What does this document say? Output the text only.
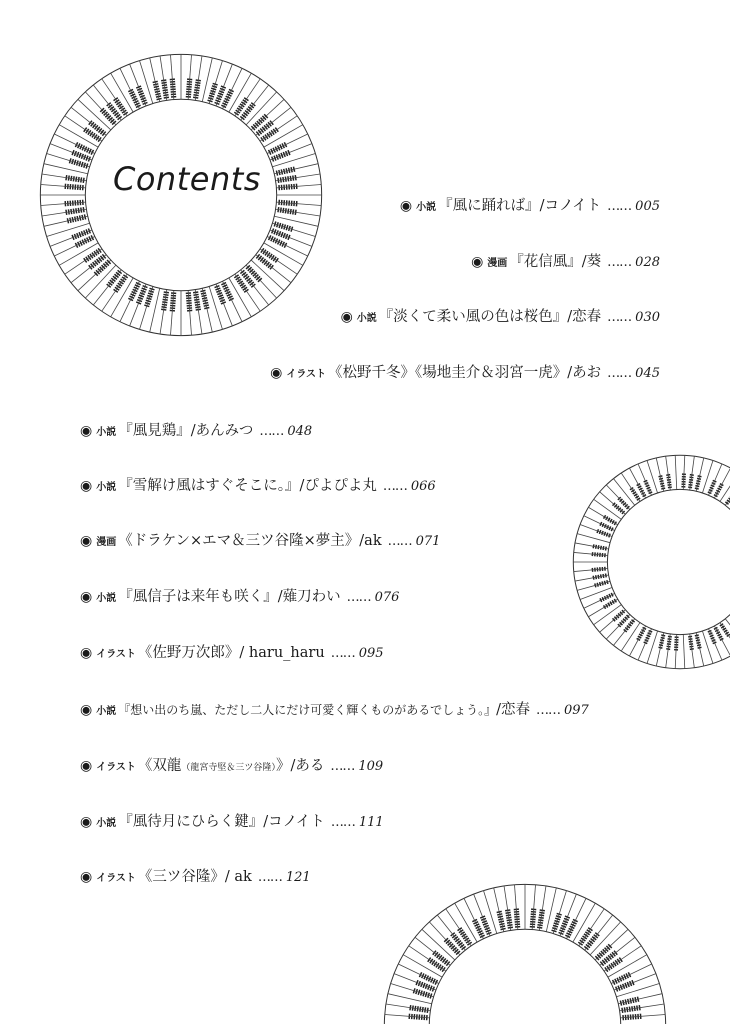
Contents
◉ 小説 『風に踊れば』 /コノイト …… 005
◉ 漫画 『花信風』 /葵 …… 028
◉ 小説 『淡くて柔い風の色は桜色』 /恋春 …… 030
◉ イラスト 《松野千冬》《場地圭介＆羽宮一虎》 /あお …… 045
◉ 小説 『風見鶏』 /あんみつ …… 048
◉ 小説 『雪解け風はすぐそこに。』 /ぴよぴよ丸 …… 066
◉ 漫画 《ドラケン×エマ＆三ツ谷隆×夢主》 /ak …… 071
◉ 小説 『風信子は来年も咲く』 /薙刀わい …… 076
◉ イラスト 《佐野万次郎》 / haru_haru …… 095
◉ 小説 『想い出のち嵐、ただし二人にだけ可愛く輝くものがあるでしょう。』 /恋春 …… 097
◉ イラスト 《双龍（龍宮寺堅＆三ツ谷隆）》 /ある …… 109
◉ 小説 『風待月にひらく鍵』 /コノイト …… 111
◉ イラスト 《三ツ谷隆》 / ak …… 121
